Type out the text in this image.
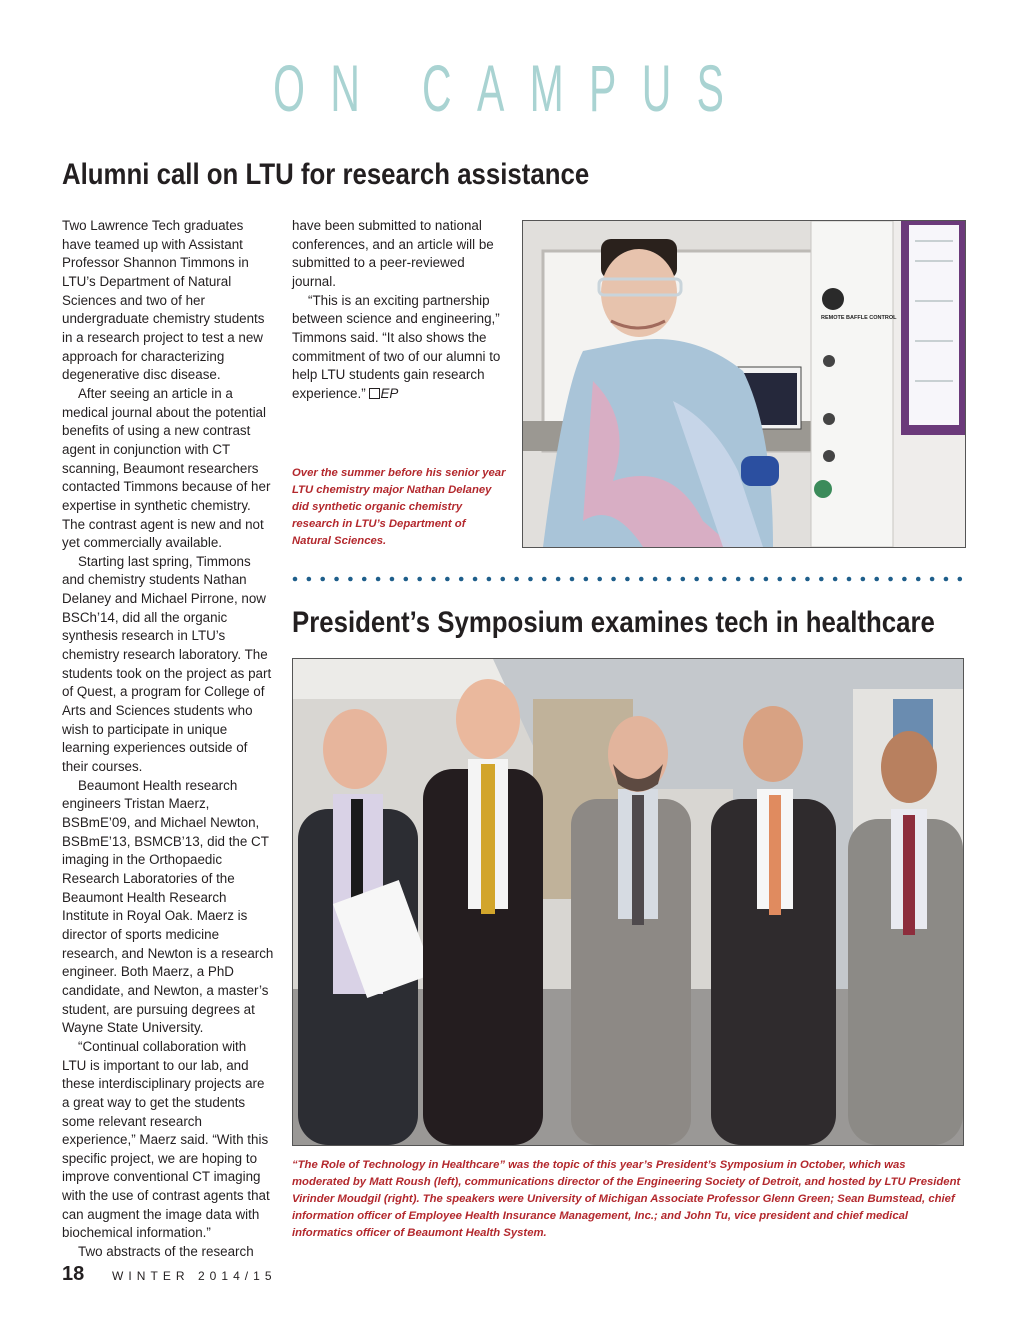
ON CAMPUS
Alumni call on LTU for research assistance

Two Lawrence Tech graduates have teamed up with Assistant Professor Shannon Timmons in LTU’s Department of Natural Sciences and two of her undergraduate chemistry students in a research project to test a new approach for characterizing degenerative disc disease.

After seeing an article in a medical journal about the potential benefits of using a new contrast agent in conjunction with CT scanning, Beaumont researchers contacted Timmons because of her expertise in synthetic chemistry. The contrast agent is new and not yet commercially available.

Starting last spring, Timmons and chemistry students Nathan Delaney and Michael Pirrone, now BSCh’14, did all the organic synthesis research in LTU’s chemistry research laboratory. The students took on the project as part of Quest, a program for College of Arts and Sciences students who wish to participate in unique learning experiences outside of their courses.

Beaumont Health research engineers Tristan Maerz, BSBmE’09, and Michael Newton, BSBmE’13, BSMCB’13, did the CT imaging in the Orthopaedic Research Laboratories of the Beaumont Health Research Institute in Royal Oak. Maerz is director of sports medicine research, and Newton is a research engineer. Both Maerz, a PhD candidate, and Newton, a master’s student, are pursuing degrees at Wayne State University.

“Continual collaboration with LTU is important to our lab, and these interdisciplinary projects are a great way to get the students some relevant research experience,” Maerz said. “With this specific project, we are hoping to improve conventional CT imaging with the use of contrast agents that can augment the image data with biochemical information.”

Two abstracts of the research

have been submitted to national conferences, and an article will be submitted to a peer-reviewed journal.

“This is an exciting partnership between science and engineering,” Timmons said. “It also shows the commitment of two of our alumni to help LTU students gain research experience.” EP

Over the summer before his senior year LTU chemistry major Nathan Delaney did synthetic organic chemistry research in LTU’s Department of Natural Sciences.
REMOTE BAFFLE CONTROL
President’s Symposium examines tech in healthcare
“The Role of Technology in Healthcare” was the topic of this year’s President’s Symposium in October, which was moderated by Matt Roush (left), communications director of the Engineering Society of Detroit, and hosted by LTU President Virinder Moudgil (right). The speakers were University of Michigan Associate Professor Glenn Green; Sean Bumstead, chief information officer of Employee Health Insurance Management, Inc.; and John Tu, vice president and chief medical informatics officer of Beaumont Health System.
18 WINTER 2014/15
